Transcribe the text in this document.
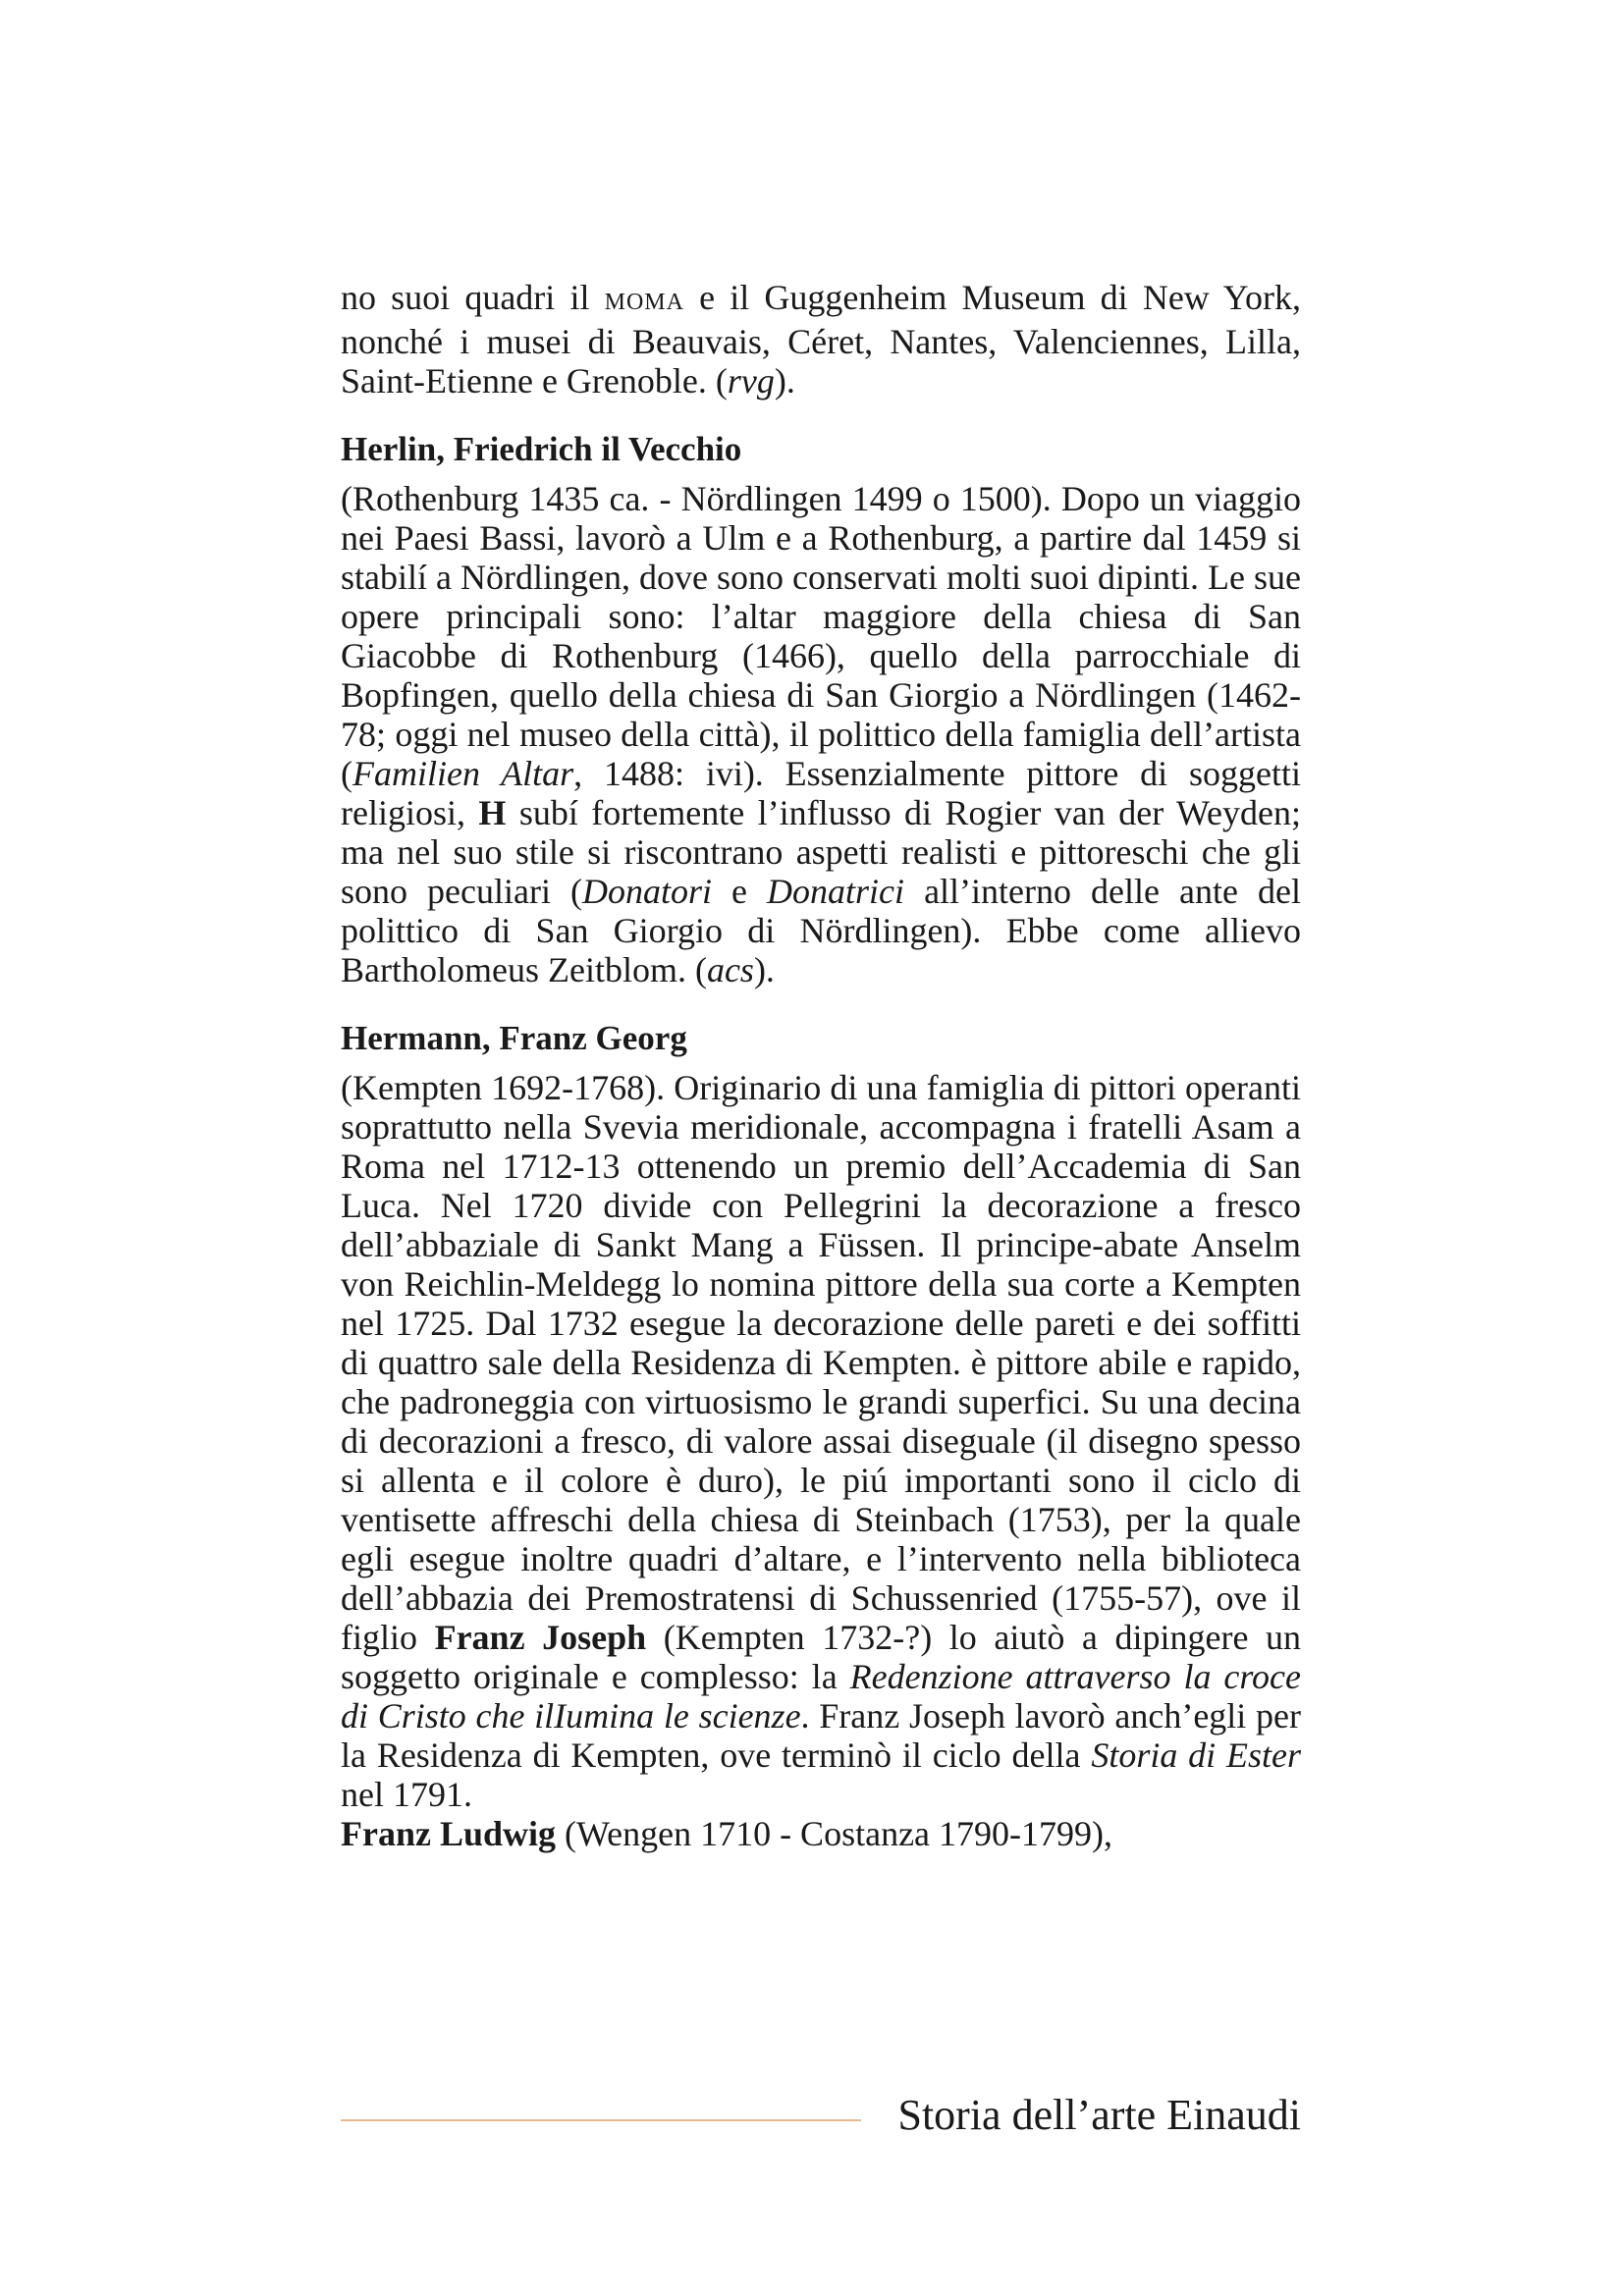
no suoi quadri il MOMA e il Guggenheim Museum di New York, nonché i musei di Beauvais, Céret, Nantes, Valenciennes, Lilla, Saint-Etienne e Grenoble. (rvg).

Herlin, Friedrich il Vecchio

(Rothenburg 1435 ca. - Nördlingen 1499 o 1500). Dopo un viaggio nei Paesi Bassi, lavorò a Ulm e a Rothenburg, a partire dal 1459 si stabilí a Nördlingen, dove sono conservati molti suoi dipinti. Le sue opere principali sono: l’altar maggiore della chiesa di San Giacobbe di Rothenburg (1466), quello della parrocchiale di Bopfingen, quello della chiesa di San Giorgio a Nördlingen (1462-78; oggi nel museo della città), il polittico della famiglia dell’artista (Familien Altar, 1488: ivi). Essenzialmente pittore di soggetti religiosi, H subí fortemente l’influsso di Rogier van der Weyden; ma nel suo stile si riscontrano aspetti realisti e pittoreschi che gli sono peculiari (Donatori e Donatrici all’interno delle ante del polittico di San Giorgio di Nördlingen). Ebbe come allievo Bartholomeus Zeitblom. (acs).

Hermann, Franz Georg

(Kempten 1692-1768). Originario di una famiglia di pittori operanti soprattutto nella Svevia meridionale, accompagna i fratelli Asam a Roma nel 1712-13 ottenendo un premio dell’Accademia di San Luca. Nel 1720 divide con Pellegrini la decorazione a fresco dell’abbaziale di Sankt Mang a Füssen. Il principe-abate Anselm von Reichlin-Meldegg lo nomina pittore della sua corte a Kempten nel 1725. Dal 1732 esegue la decorazione delle pareti e dei soffitti di quattro sale della Residenza di Kempten. è pittore abile e rapido, che padroneggia con virtuosismo le grandi superfici. Su una decina di decorazioni a fresco, di valore assai diseguale (il disegno spesso si allenta e il colore è duro), le piú importanti sono il ciclo di ventisette affreschi della chiesa di Steinbach (1753), per la quale egli esegue inoltre quadri d’altare, e l’intervento nella biblioteca dell’abbazia dei Premostratensi di Schussenried (1755-57), ove il figlio Franz Joseph (Kempten 1732-?) lo aiutò a dipingere un soggetto originale e complesso: la Redenzione attraverso la croce di Cristo che ilIumina le scienze. Franz Joseph lavorò anch’egli per la Residenza di Kempten, ove terminò il ciclo della Storia di Ester nel 1791.

Franz Ludwig (Wengen 1710 - Costanza 1790-1799),

Storia dell’arte Einaudi
